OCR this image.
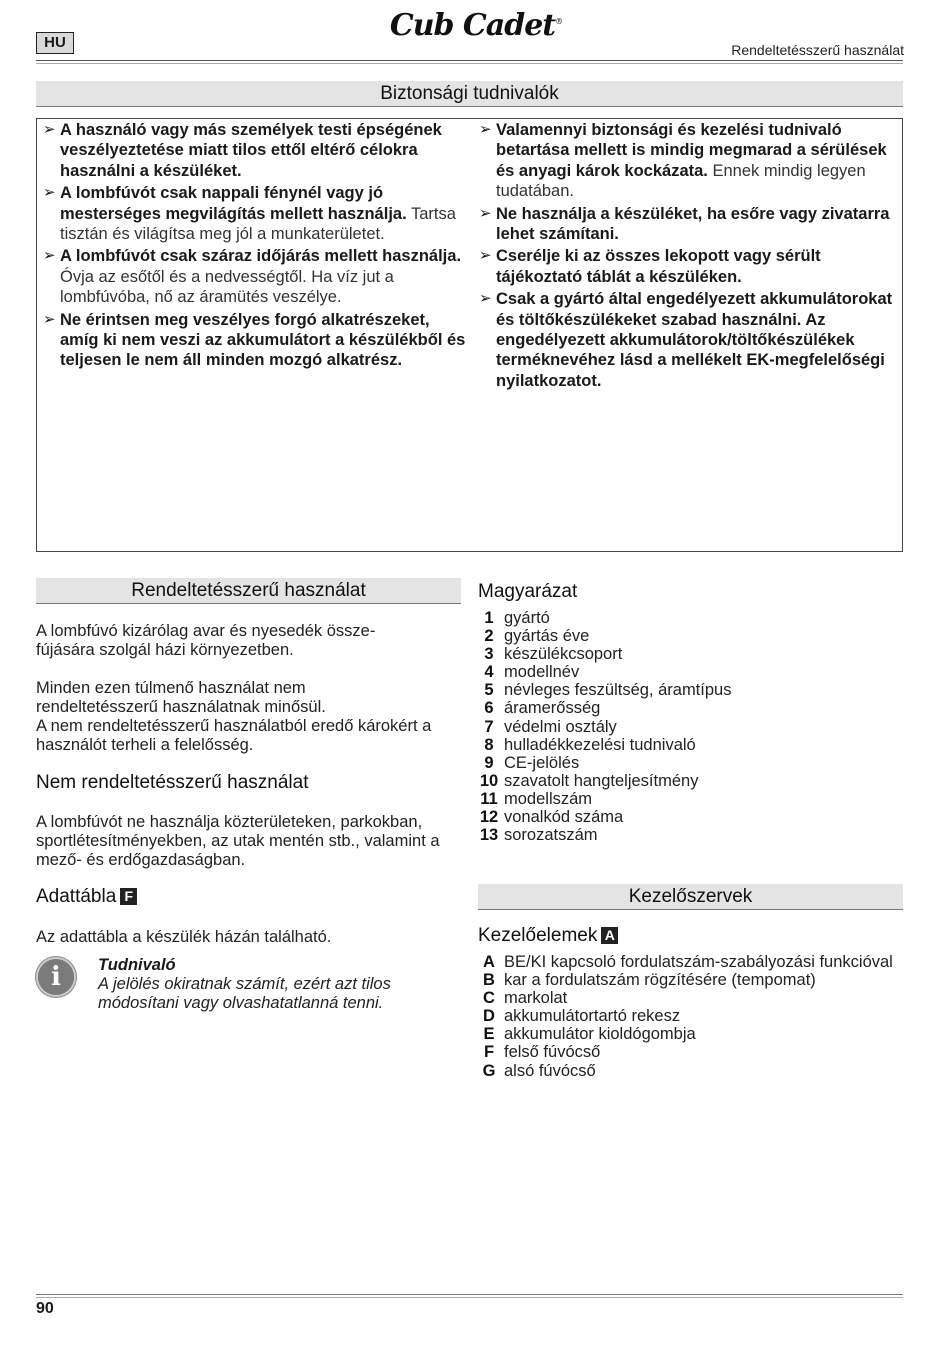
HU	Cub Cadet®
Rendeltetésszerű használat
Biztonsági tudnivalók
➢ A használó vagy más személyek testi épségének veszélyeztetése miatt tilos ettől eltérő célokra használni a készüléket.
➢ A lombfúvót csak nappali fénynél vagy jó mesterséges megvilágítás mellett használja. Tartsa tisztán és világítsa meg jól a munkaterületet.
➢ A lombfúvót csak száraz időjárás mellett használja. Óvja az esőtől és a nedvességtől. Ha víz jut a lombfúvóba, nő az áramütés veszélye.
➢ Ne érintsen meg veszélyes forgó alkatrészeket, amíg ki nem veszi az akkumulátort a készülékből és teljesen le nem áll minden mozgó alkatrész.
➢ Valamennyi biztonsági és kezelési tudnivaló betartása mellett is mindig megmarad a sérülések és anyagi károk kockázata. Ennek mindig legyen tudatában.
➢ Ne használja a készüléket, ha esőre vagy zivatarra lehet számítani.
➢ Cserélje ki az összes lekopott vagy sérült tájékoztató táblát a készüléken.
➢ Csak a gyártó által engedélyezett akkumulátorokat és töltőkészülékeket szabad használni. Az engedélyezett akkumulátorok/töltőkészülékek terméknevéhez lásd a mellékelt EK-megfelelőségi nyilatkozatot.
Rendeltetésszerű használat
A lombfúvó kizárólag avar és nyesedék összefújására szolgál házi környezetben.
Minden ezen túlmenő használat nem rendeltetésszerű használatnak minősül.
A nem rendeltetésszerű használatból eredő károkért a használót terheli a felelősség.
Nem rendeltetésszerű használat
A lombfúvót ne használja közterületeken, parkokban, sportlétesítményekben, az utak mentén stb., valamint a mező- és erdőgazdaságban.
Adattábla F
Az adattábla a készülék házán található.
i	Tudnivaló
A jelölés okiratnak számít, ezért azt tilos módosítani vagy olvashatatlanná tenni.
Magyarázat
1 gyártó
2 gyártás éve
3 készülékcsoport
4 modellnév
5 névleges feszültség, áramtípus
6 áramerősség
7 védelmi osztály
8 hulladékkezelési tudnivaló
9 CE-jelölés
10 szavatolt hangteljesítmény
11 modellszám
12 vonalkód száma
13 sorozatszám
Kezelőszervek
Kezelőelemek A
A BE/KI kapcsoló fordulatszám-szabályozási funkcióval
B kar a fordulatszám rögzítésére (tempomat)
C markolat
D akkumulátortartó rekesz
E akkumulátor kioldógombja
F felső fúvócső
G alsó fúvócső
90
